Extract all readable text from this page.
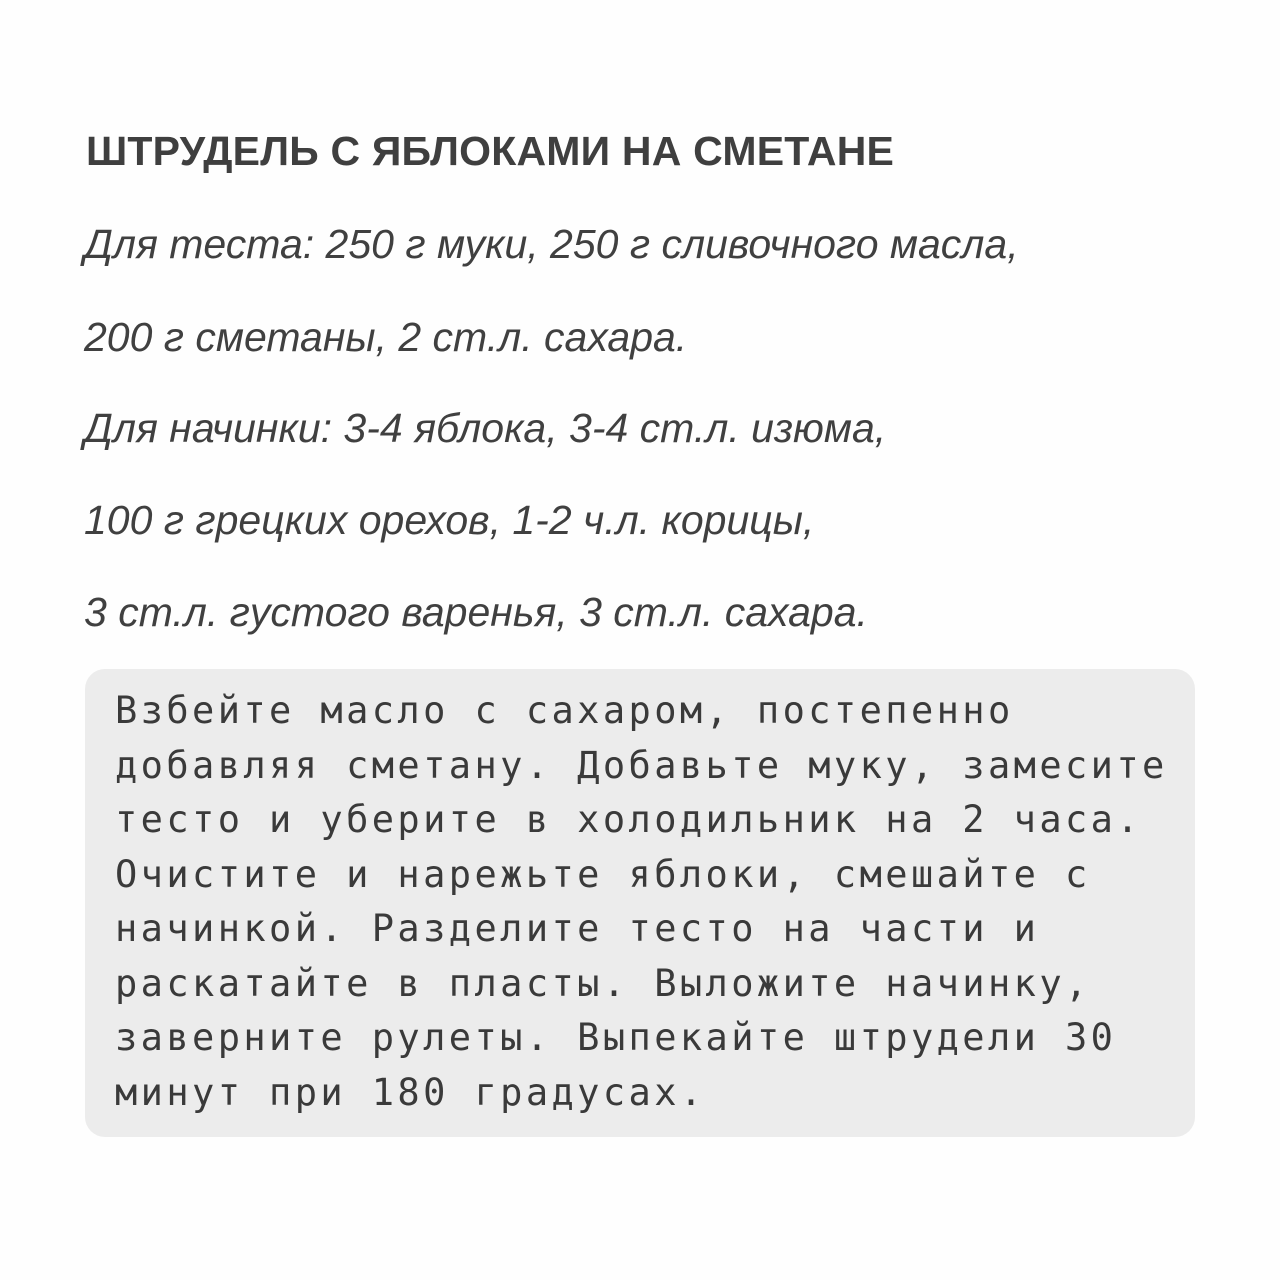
ШТРУДЕЛЬ С ЯБЛОКАМИ НА СМЕТАНЕ

Для теста: 250 г муки, 250 г сливочного масла,

200 г сметаны, 2 ст.л. сахара.

Для начинки: 3-4 яблока, 3-4 ст.л. изюма,

100 г грецких орехов, 1-2 ч.л. корицы,

3 ст.л. густого варенья, 3 ст.л. сахара.

Взбейте масло с сахаром, постепенно
добавляя сметану. Добавьте муку, замесите
тесто и уберите в холодильник на 2 часа.
Очистите и нарежьте яблоки, смешайте с
начинкой. Разделите тесто на части и
раскатайте в пласты. Выложите начинку,
заверните рулеты. Выпекайте штрудели 30
минут при 180 градусах.
